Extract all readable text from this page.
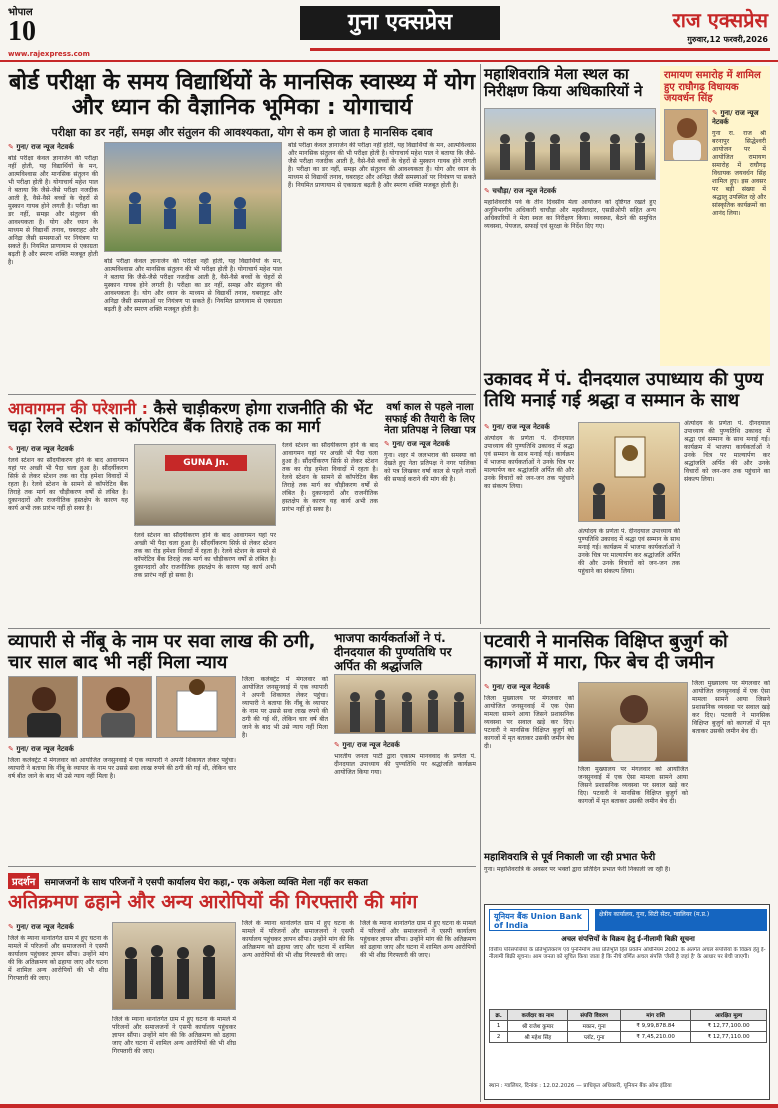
भोपाल
10
www.rajexpress.com
गुना एक्सप्रेस	राज एक्सप्रेस
गुरुवार,12 फरवरी,2026
बोर्ड परीक्षा के समय विद्यार्थियों के मानसिक स्वास्थ्य में योग और ध्यान की वैज्ञानिक भूमिका : योगाचार्य
परीक्षा का डर नहीं, समझ और संतुलन की आवश्यकता, योग से कम हो जाता है मानसिक दबाव
✎ गुना/ राज न्यूज नेटवर्क
बोर्ड परीक्षा केवल ज्ञानार्जन की परीक्षा नहीं होती, यह विद्यार्थियों के मन, आत्मविश्वास और मानसिक संतुलन की भी परीक्षा होती है। योगाचार्य महेश पाल ने बताया कि जैसे-जैसे परीक्षा नजदीक आती है, वैसे-वैसे बच्चों के चेहरों से मुस्कान गायब होने लगती है। परीक्षा का डर नहीं, समझ और संतुलन की आवश्यकता है। योग और ध्यान के माध्यम से विद्यार्थी तनाव, घबराहट और अनिद्रा जैसी समस्याओं पर नियंत्रण पा सकते हैं। नियमित प्राणायाम से एकाग्रता बढ़ती है और स्मरण शक्ति मजबूत होती है।	बोर्ड परीक्षा केवल ज्ञानार्जन की परीक्षा नहीं होती, यह विद्यार्थियों के मन, आत्मविश्वास और मानसिक संतुलन की भी परीक्षा होती है। योगाचार्य महेश पाल ने बताया कि जैसे-जैसे परीक्षा नजदीक आती है, वैसे-वैसे बच्चों के चेहरों से मुस्कान गायब होने लगती है। परीक्षा का डर नहीं, समझ और संतुलन की आवश्यकता है। योग और ध्यान के माध्यम से विद्यार्थी तनाव, घबराहट और अनिद्रा जैसी समस्याओं पर नियंत्रण पा सकते हैं। नियमित प्राणायाम से एकाग्रता बढ़ती है और स्मरण शक्ति मजबूत होती है।
बोर्ड परीक्षा केवल ज्ञानार्जन की परीक्षा नहीं होती, यह विद्यार्थियों के मन, आत्मविश्वास और मानसिक संतुलन की भी परीक्षा होती है। योगाचार्य महेश पाल ने बताया कि जैसे-जैसे परीक्षा नजदीक आती है, वैसे-वैसे बच्चों के चेहरों से मुस्कान गायब होने लगती है। परीक्षा का डर नहीं, समझ और संतुलन की आवश्यकता है। योग और ध्यान के माध्यम से विद्यार्थी तनाव, घबराहट और अनिद्रा जैसी समस्याओं पर नियंत्रण पा सकते हैं। नियमित प्राणायाम से एकाग्रता बढ़ती है और स्मरण शक्ति मजबूत होती है।
महाशिवरात्रि मेला स्थल का निरीक्षण किया अधिकारियों ने
✎ चचौड़ा/ राज न्यूज नेटवर्क
महाशिवरात्रि पर्व के तीन दिवसीय मेला आयोजन को दृष्टिगत रखते हुए अनुविभागीय अधिकारी चाचौड़ा और महसीलदार, एसडीओपी सहित अन्य अधिकारियों ने मेला स्थल का निरीक्षण किया। व्यवस्था, बैठने की समुचित व्यवस्था, पेयजल, सफाई एवं सुरक्षा के निर्देश दिए गए।
रामायण समारोह में शामिल हुए राघौगढ़ विधायक जयवर्धन सिंह
✎ गुना/ राज न्यूज नेटवर्क
गुना रा. राज श्री बरनापुर सिद्धेश्वरी आयोजन पर में आयोजित रामायण समारोह में राघौगढ़ विधायक जयवर्धन सिंह शामिल हुए। इस अवसर पर बड़ी संख्या में श्रद्धालु उपस्थित रहे और सांस्कृतिक कार्यक्रमों का आनंद लिया।
आवागमन की परेशानी : कैसे चाड़ीकरण होगा राजनीति की भेंट चढ़ा रेलवे स्टेशन से कॉपरेटिव बैंक तिराहे तक का मार्ग
✎ गुना/ राज न्यूज नेटवर्क
रेलवे स्टेशन का सौंदर्यीकरण होने के बाद आवागमन यहां पर अच्छी भी पैदा चला हुआ है। सौंदर्यीकरण सिर्फ़ से लेकर स्टेशन तक का रोड़ हमेशा विवादों में रहता है। रेलवे स्टेशन के सामने से कॉपरेटिव बैंक तिराहे तक मार्ग का चौड़ीकरण वर्षों से लंबित है। दुकानदारों और राजनीतिक हस्तक्षेप के कारण यह कार्य अभी तक प्रारंभ नहीं हो सका है।
GUNA Jn.
रेलवे स्टेशन का सौंदर्यीकरण होने के बाद आवागमन यहां पर अच्छी भी पैदा चला हुआ है। सौंदर्यीकरण सिर्फ़ से लेकर स्टेशन तक का रोड़ हमेशा विवादों में रहता है। रेलवे स्टेशन के सामने से कॉपरेटिव बैंक तिराहे तक मार्ग का चौड़ीकरण वर्षों से लंबित है। दुकानदारों और राजनीतिक हस्तक्षेप के कारण यह कार्य अभी तक प्रारंभ नहीं हो सका है।
रेलवे स्टेशन का सौंदर्यीकरण होने के बाद आवागमन यहां पर अच्छी भी पैदा चला हुआ है। सौंदर्यीकरण सिर्फ़ से लेकर स्टेशन तक का रोड़ हमेशा विवादों में रहता है। रेलवे स्टेशन के सामने से कॉपरेटिव बैंक तिराहे तक मार्ग का चौड़ीकरण वर्षों से लंबित है। दुकानदारों और राजनीतिक हस्तक्षेप के कारण यह कार्य अभी तक प्रारंभ नहीं हो सका है।
वर्षा काल से पहले नाला सफाई की तैयारी के लिए नेता प्रतिपक्ष ने लिखा पत्र
✎ गुना/ राज न्यूज नेटवर्क
गुना। शहर में जलभराव की समस्या को देखते हुए नेता प्रतिपक्ष ने नगर पालिका को पत्र लिखकर वर्षा काल से पहले नालों की सफाई कराने की मांग की है।
उकावद में पं. दीनदयाल उपाध्याय की पुण्य तिथि मनाई गई श्रद्धा व सम्मान के साथ
✎ गुना/ राज न्यूज नेटवर्क
अंत्योदय के प्रणेता पं. दीनदयाल उपाध्याय की पुण्यतिथि उकावद में श्रद्धा एवं सम्मान के साथ मनाई गई। कार्यक्रम में भाजपा कार्यकर्ताओं ने उनके चित्र पर माल्यार्पण कर श्रद्धांजलि अर्पित की और उनके विचारों को जन-जन तक पहुंचाने का संकल्प लिया।
अंत्योदय के प्रणेता पं. दीनदयाल उपाध्याय की पुण्यतिथि उकावद में श्रद्धा एवं सम्मान के साथ मनाई गई। कार्यक्रम में भाजपा कार्यकर्ताओं ने उनके चित्र पर माल्यार्पण कर श्रद्धांजलि अर्पित की और उनके विचारों को जन-जन तक पहुंचाने का संकल्प लिया।
अंत्योदय के प्रणेता पं. दीनदयाल उपाध्याय की पुण्यतिथि उकावद में श्रद्धा एवं सम्मान के साथ मनाई गई। कार्यक्रम में भाजपा कार्यकर्ताओं ने उनके चित्र पर माल्यार्पण कर श्रद्धांजलि अर्पित की और उनके विचारों को जन-जन तक पहुंचाने का संकल्प लिया।
व्यापारी से नींबू के नाम पर सवा लाख की ठगी, चार साल बाद भी नहीं मिला न्याय
✎ गुना/ राज न्यूज नेटवर्क
जिला कलेक्ट्रेट में मंगलवार को आयोजित जनसुनवाई में एक व्यापारी ने अपनी शिकायत लेकर पहुंचा। व्यापारी ने बताया कि नींबू के व्यापार के नाम पर उससे सवा लाख रुपये की ठगी की गई थी, लेकिन चार वर्ष बीत जाने के बाद भी उसे न्याय नहीं मिला है।
जिला कलेक्ट्रेट में मंगलवार को आयोजित जनसुनवाई में एक व्यापारी ने अपनी शिकायत लेकर पहुंचा। व्यापारी ने बताया कि नींबू के व्यापार के नाम पर उससे सवा लाख रुपये की ठगी की गई थी, लेकिन चार वर्ष बीत जाने के बाद भी उसे न्याय नहीं मिला है।
भाजपा कार्यकर्ताओं ने पं. दीनदयाल की पुण्यतिथि पर अर्पित की श्रद्धांजलि
✎ गुना/ राज न्यूज नेटवर्क
भारतीय जनता पार्टी द्वारा एकात्म मानववाद के प्रणेता पं. दीनदयाल उपाध्याय की पुण्यतिथि पर श्रद्धांजलि कार्यक्रम आयोजित किया गया।
पटवारी ने मानसिक विक्षिप्त बुजुर्ग को कागजों में मारा, फिर बेच दी जमीन
✎ गुना/ राज न्यूज नेटवर्क
जिला मुख्यालय पर मंगलवार को आयोजित जनसुनवाई में एक ऐसा मामला सामने आया जिसने प्रशासनिक व्यवस्था पर सवाल खड़े कर दिए। पटवारी ने मानसिक विक्षिप्त बुजुर्ग को कागजों में मृत बताकर उसकी जमीन बेच दी।
जिला मुख्यालय पर मंगलवार को आयोजित जनसुनवाई में एक ऐसा मामला सामने आया जिसने प्रशासनिक व्यवस्था पर सवाल खड़े कर दिए। पटवारी ने मानसिक विक्षिप्त बुजुर्ग को कागजों में मृत बताकर उसकी जमीन बेच दी।
जिला मुख्यालय पर मंगलवार को आयोजित जनसुनवाई में एक ऐसा मामला सामने आया जिसने प्रशासनिक व्यवस्था पर सवाल खड़े कर दिए। पटवारी ने मानसिक विक्षिप्त बुजुर्ग को कागजों में मृत बताकर उसकी जमीन बेच दी।
प्रदर्शन समाजजनों के साथ परिजनों ने एसपी कार्यालय घेरा कहा,- एक अकेला व्यक्ति मेला नहीं कर सकता
अतिक्रमण ढहाने और अन्य आरोपियों की गिरफ्तारी की मांग
✎ गुना/ राज न्यूज नेटवर्क
जिले के म्याना थानांतर्गत ग्राम में हुए घटना के मामले में परिजनों और समाजजनों ने एसपी कार्यालय पहुंचकर ज्ञापन सौंपा। उन्होंने मांग की कि अतिक्रमण को ढहाया जाए और घटना में शामिल अन्य आरोपियों की भी शीघ्र गिरफ्तारी की जाए।
जिले के म्याना थानांतर्गत ग्राम में हुए घटना के मामले में परिजनों और समाजजनों ने एसपी कार्यालय पहुंचकर ज्ञापन सौंपा। उन्होंने मांग की कि अतिक्रमण को ढहाया जाए और घटना में शामिल अन्य आरोपियों की भी शीघ्र गिरफ्तारी की जाए।
जिले के म्याना थानांतर्गत ग्राम में हुए घटना के मामले में परिजनों और समाजजनों ने एसपी कार्यालय पहुंचकर ज्ञापन सौंपा। उन्होंने मांग की कि अतिक्रमण को ढहाया जाए और घटना में शामिल अन्य आरोपियों की भी शीघ्र गिरफ्तारी की जाए।
जिले के म्याना थानांतर्गत ग्राम में हुए घटना के मामले में परिजनों और समाजजनों ने एसपी कार्यालय पहुंचकर ज्ञापन सौंपा। उन्होंने मांग की कि अतिक्रमण को ढहाया जाए और घटना में शामिल अन्य आरोपियों की भी शीघ्र गिरफ्तारी की जाए।
महाशिवरात्रि से पूर्व निकाली जा रही प्रभात फेरी
गुना। महाशिवरात्रि के अवसर पर भक्तों द्वारा प्रतिदिन प्रभात फेरी निकाली जा रही है।
यूनियन बैंक Union Bank
of India
क्षेत्रीय कार्यालय, गुना, सिटी सेंटर, ग्वालियर (म.प्र.)
अचल संपत्तियों के विक्रय हेतु ई-नीलामी बिक्री सूचना
वित्तीय परिसंपत्तियों के प्रतिभूतिकरण एवं पुनर्निर्माण तथा प्रतिभूति हित प्रवर्तन अधिनियम 2002 के अंतर्गत अचल संपत्तियों के विक्रय हेतु ई-नीलामी बिक्री सूचना। आम जनता को सूचित किया जाता है कि नीचे वर्णित अचल संपत्ति 'जैसी है जहां है' के आधार पर बेची जाएगी।
क्र.	कर्जदार का नाम	संपत्ति विवरण	मांग राशि	आरक्षित मूल्य
1	श्री राजेश कुमार	मकान, गुना	₹ 9,99,878.84	₹ 12,77,100.00
2	श्री महेश सिंह	प्लॉट, गुना	₹ 7,45,210.00	₹ 12,77,110.00
स्थान : ग्वालियर, दिनांक : 12.02.2026 — प्राधिकृत अधिकारी, यूनियन बैंक ऑफ इंडिया
